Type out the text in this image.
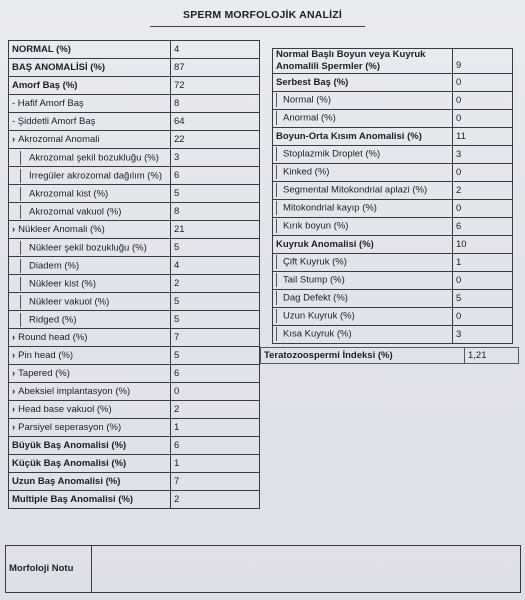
SPERM MORFOLOJİK ANALİZİ
NORMAL (%)	4
BAŞ ANOMALİSİ (%)	87
Amorf Baş (%)	72
- Hafif Amorf Baş	8
- Şiddetli Amorf Baş	64
› Akrozomal Anomali	22
Akrozomal şekil bozukluğu (%)	3
İrregüler akrozomal dağılım (%)	6
Akrozomal kist (%)	5
Akrozomal vakuol (%)	8
› Nükleer Anomali (%)	21
Nükleer şekil bozukluğu (%)	5
Diadem (%)	4
Nükleer kist (%)	2
Nükleer vakuol (%)	5
Ridged (%)	5
› Round head (%)	7
› Pin head (%)	5
› Tapered (%)	6
› Abeksiel implantasyon (%)	0
› Head base vakuol (%)	2
› Parsiyel seperasyon (%)	1
Büyük Baş Anomalisi (%)	6
Küçük Baş Anomalisi (%)	1
Uzun Baş Anomalisi (%)	7
Multiple Baş Anomalisi (%)	2
Normal Başlı Boyun veya Kuyruk Anomalili Spermler (%)	9
Serbest Baş (%)	0
Normal (%)	0
Anormal (%)	0
Boyun-Orta Kısım Anomalisi (%)	11
Stoplazmik Droplet (%)	3
Kinked (%)	0
Segmental Mitokondrial aplazi (%)	2
Mitokondrial kayıp (%)	0
Kırık boyun (%)	6
Kuyruk Anomalisi (%)	10
Çift Kuyruk (%)	1
Tail Stump (%)	0
Dag Defekt (%)	5
Uzun Kuyruk (%)	0
Kısa Kuyruk (%)	3
Teratozoospermi İndeksi (%)	1,21
Morfoloji Notu	
